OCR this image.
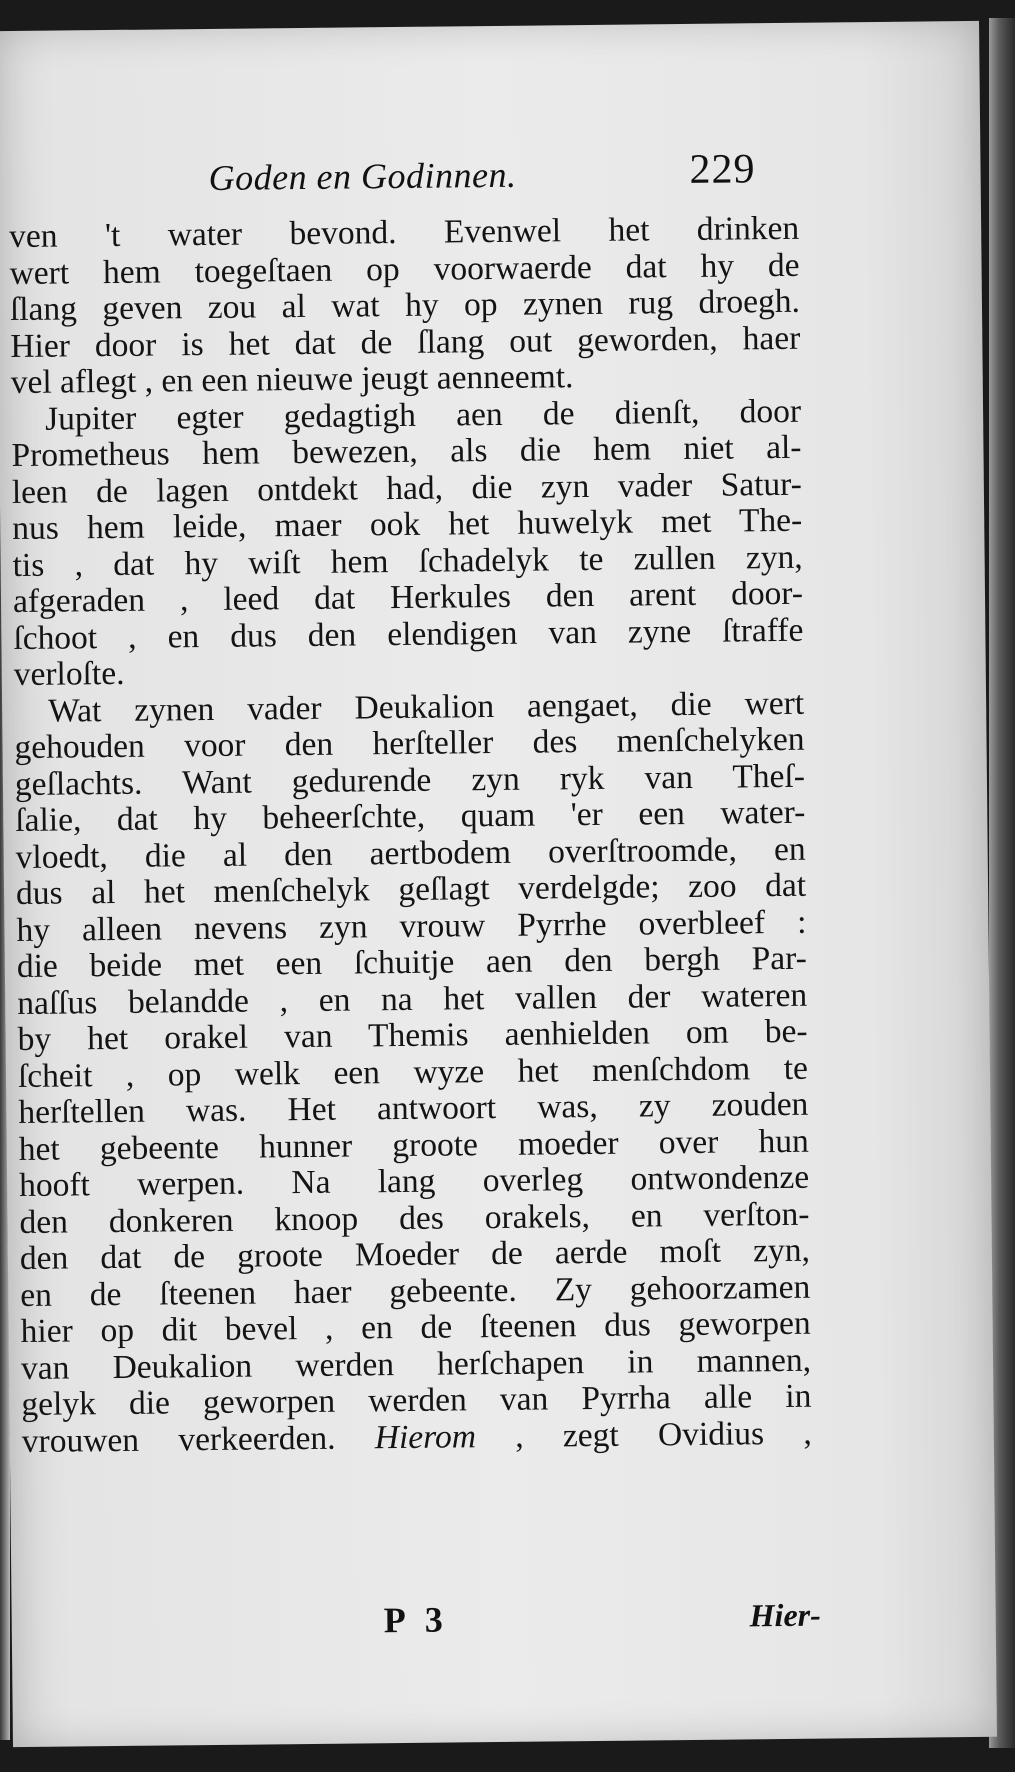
Goden en Godinnen.	229
ven 't water bevond. Evenwel het drinken
wert hem toegeſtaen op voorwaerde dat hy de
ſlang geven zou al wat hy op zynen rug droegh.
Hier door is het dat de ſlang out geworden, haer
vel aflegt , en een nieuwe jeugt aenneemt.
Jupiter egter gedagtigh aen de dienſt, door
Prometheus hem bewezen, als die hem niet al-
leen de lagen ontdekt had, die zyn vader Satur-
nus hem leide, maer ook het huwelyk met The-
tis , dat hy wiſt hem ſchadelyk te zullen zyn,
afgeraden , leed dat Herkules den arent door-
ſchoot , en dus den elendigen van zyne ſtraffe
verloſte.
Wat zynen vader Deukalion aengaet, die wert
gehouden voor den herſteller des menſchelyken
geſlachts. Want gedurende zyn ryk van Theſ-
ſalie, dat hy beheerſchte, quam 'er een water-
vloedt, die al den aertbodem overſtroomde, en
dus al het menſchelyk geſlagt verdelgde; zoo dat
hy alleen nevens zyn vrouw Pyrrhe overbleef :
die beide met een ſchuitje aen den bergh Par-
naſſus belandde , en na het vallen der wateren
by het orakel van Themis aenhielden om be-
ſcheit , op welk een wyze het menſchdom te
herſtellen was. Het antwoort was, zy zouden
het gebeente hunner groote moeder over hun
hooft werpen. Na lang overleg ontwondenze
den donkeren knoop des orakels, en verſton-
den dat de groote Moeder de aerde moſt zyn,
en de ſteenen haer gebeente. Zy gehoorzamen
hier op dit bevel , en de ſteenen dus geworpen
van Deukalion werden herſchapen in mannen,
gelyk die geworpen werden van Pyrrha alle in
vrouwen verkeerden. Hierom , zegt Ovidius ,
P 3	Hier-
